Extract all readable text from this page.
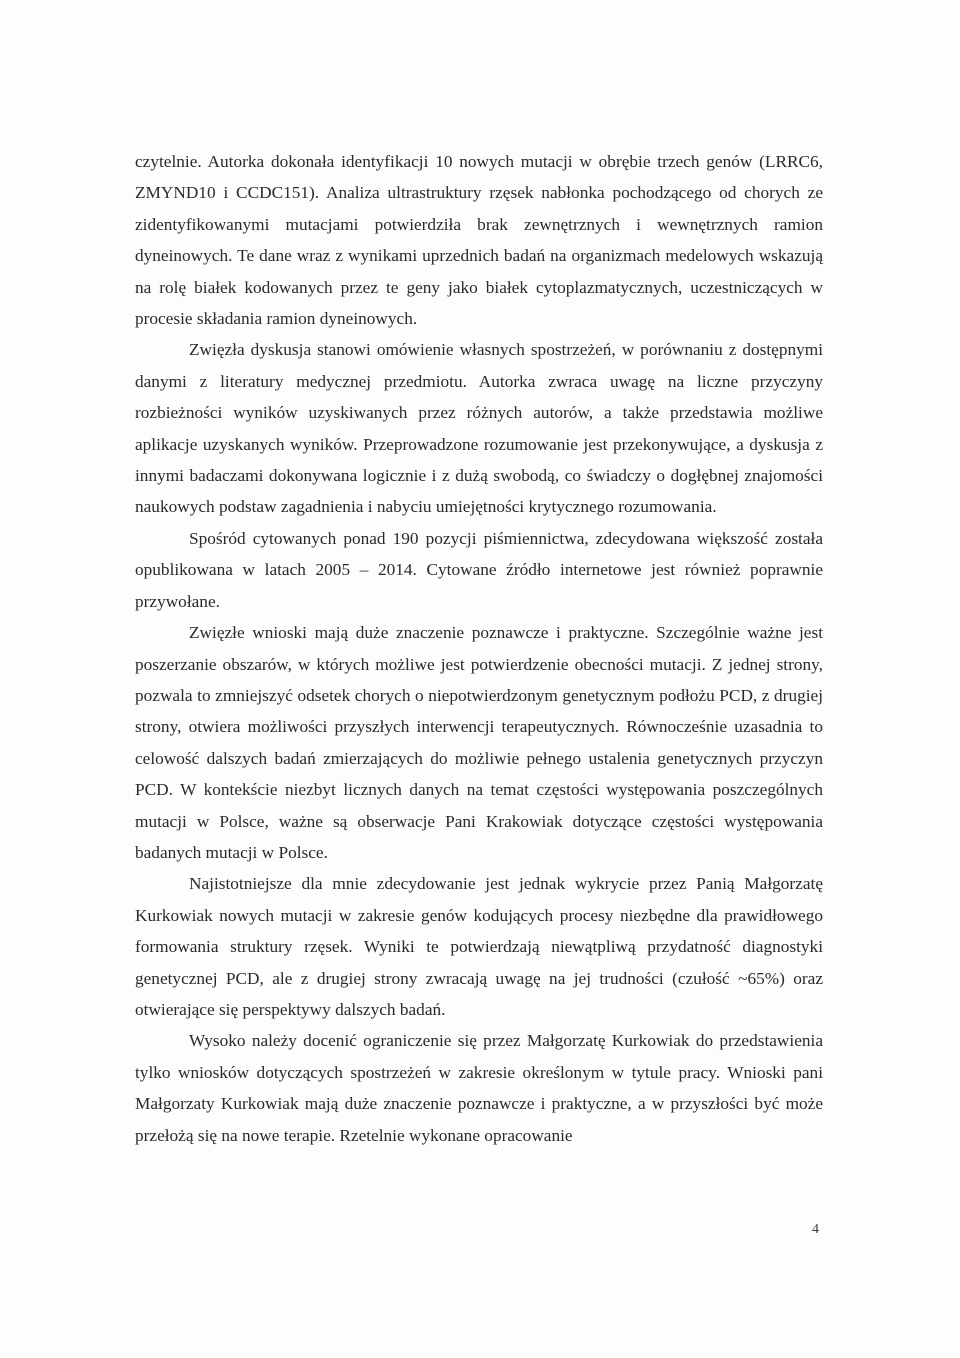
czytelnie. Autorka dokonała identyfikacji 10 nowych mutacji w obrębie trzech genów (LRRC6, ZMYND10 i CCDC151). Analiza ultrastruktury rzęsek nabłonka pochodzącego od chorych ze zidentyfikowanymi mutacjami potwierdziła brak zewnętrznych i wewnętrznych ramion dyneinowych. Te dane wraz z wynikami uprzednich badań na organizmach medelowych wskazują na rolę białek kodowanych przez te geny jako białek cytoplazmatycznych, uczestniczących w procesie składania ramion dyneinowych.

Zwięzła dyskusja stanowi omówienie własnych spostrzeżeń, w porównaniu z dostępnymi danymi z literatury medycznej przedmiotu. Autorka zwraca uwagę na liczne przyczyny rozbieżności wyników uzyskiwanych przez różnych autorów, a także przedstawia możliwe aplikacje uzyskanych wyników. Przeprowadzone rozumowanie jest przekonywujące, a dyskusja z innymi badaczami dokonywana logicznie i z dużą swobodą, co świadczy o dogłębnej znajomości naukowych podstaw zagadnienia i nabyciu umiejętności krytycznego rozumowania.

Spośród cytowanych ponad 190 pozycji piśmiennictwa, zdecydowana większość została opublikowana w latach 2005 – 2014. Cytowane źródło internetowe jest również poprawnie przywołane.

Zwięzłe wnioski mają duże znaczenie poznawcze i praktyczne. Szczególnie ważne jest poszerzanie obszarów, w których możliwe jest potwierdzenie obecności mutacji. Z jednej strony, pozwala to zmniejszyć odsetek chorych o niepotwierdzonym genetycznym podłożu PCD, z drugiej strony, otwiera możliwości przyszłych interwencji terapeutycznych. Równocześnie uzasadnia to celowość dalszych badań zmierzających do możliwie pełnego ustalenia genetycznych przyczyn PCD. W kontekście niezbyt licznych danych na temat częstości występowania poszczególnych mutacji w Polsce, ważne są obserwacje Pani Krakowiak dotyczące częstości występowania badanych mutacji w Polsce.

Najistotniejsze dla mnie zdecydowanie jest jednak wykrycie przez Panią Małgorzatę Kurkowiak nowych mutacji w zakresie genów kodujących procesy niezbędne dla prawidłowego formowania struktury rzęsek. Wyniki te potwierdzają niewątpliwą przydatność diagnostyki genetycznej PCD, ale z drugiej strony zwracają uwagę na jej trudności (czułość ~65%) oraz otwierające się perspektywy dalszych badań.

Wysoko należy docenić ograniczenie się przez Małgorzatę Kurkowiak do przedstawienia tylko wniosków dotyczących spostrzeżeń w zakresie określonym w tytule pracy. Wnioski pani Małgorzaty Kurkowiak mają duże znaczenie poznawcze i praktyczne, a w przyszłości być może przełożą się na nowe terapie. Rzetelnie wykonane opracowanie

4
